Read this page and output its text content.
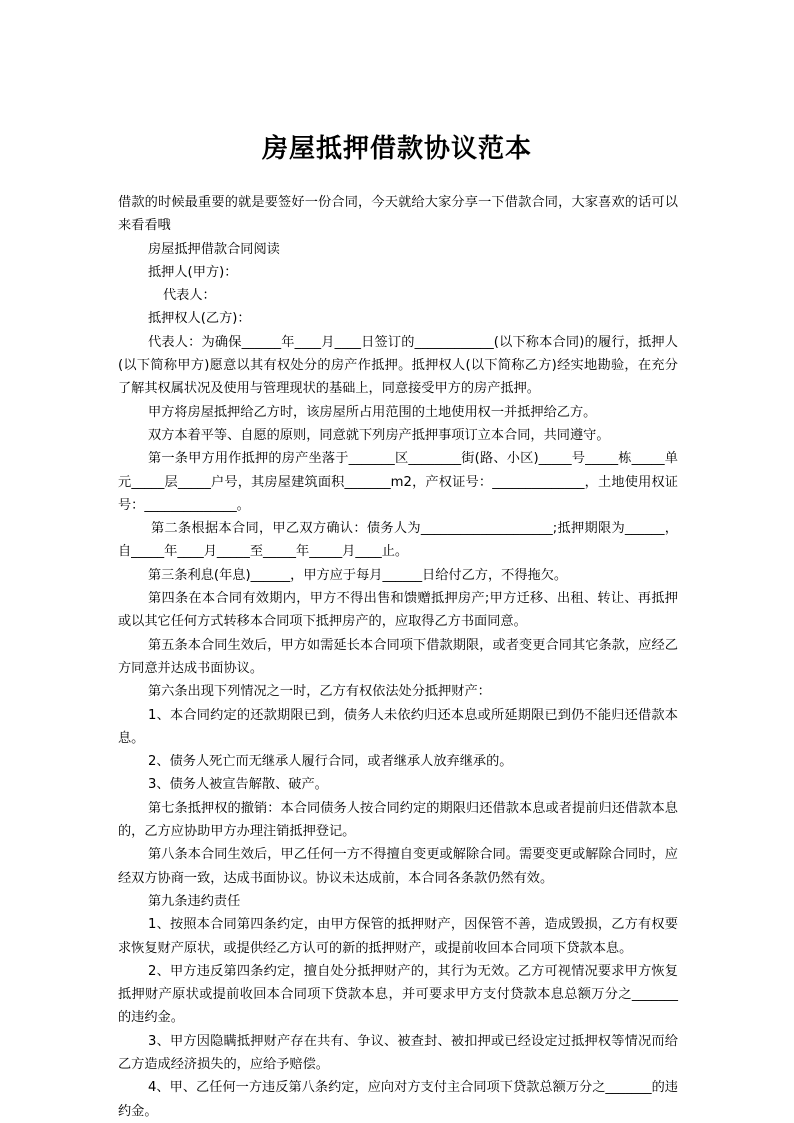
房屋抵押借款协议范本

借款的时候最重要的就是要签好一份合同，今天就给大家分享一下借款合同，大家喜欢的话可以来看看哦

房屋抵押借款合同阅读

抵押人(甲方)：

代表人：

抵押权人(乙方)：

代表人：为确保______年____月____日签订的____________(以下称本合同)的履行，抵押人(以下简称甲方)愿意以其有权处分的房产作抵押。抵押权人(以下简称乙方)经实地勘验，在充分了解其权属状况及使用与管理现状的基础上，同意接受甲方的房产抵押。

甲方将房屋抵押给乙方时，该房屋所占用范围的土地使用权一并抵押给乙方。

双方本着平等、自愿的原则，同意就下列房产抵押事项订立本合同，共同遵守。

第一条甲方用作抵押的房产坐落于_______区________街(路、小区)_____号_____栋_____单元_____层_____户号，其房屋建筑面积_______m2，产权证号：______________，土地使用权证号：______________。

第二条根据本合同，甲乙双方确认：债务人为____________________;抵押期限为______，自_____年____月_____至_____年_____月____止。

第三条利息(年息)______，甲方应于每月______日给付乙方，不得拖欠。

第四条在本合同有效期内，甲方不得出售和馈赠抵押房产;甲方迁移、出租、转让、再抵押或以其它任何方式转移本合同项下抵押房产的，应取得乙方书面同意。

第五条本合同生效后，甲方如需延长本合同项下借款期限，或者变更合同其它条款，应经乙方同意并达成书面协议。

第六条出现下列情况之一时，乙方有权依法处分抵押财产：

1、本合同约定的还款期限已到，债务人未依约归还本息或所延期限已到仍不能归还借款本息。

2、债务人死亡而无继承人履行合同，或者继承人放弃继承的。

3、债务人被宣告解散、破产。

第七条抵押权的撤销：本合同债务人按合同约定的期限归还借款本息或者提前归还借款本息的，乙方应协助甲方办理注销抵押登记。

第八条本合同生效后，甲乙任何一方不得擅自变更或解除合同。需要变更或解除合同时，应经双方协商一致，达成书面协议。协议未达成前，本合同各条款仍然有效。

第九条违约责任

1、按照本合同第四条约定，由甲方保管的抵押财产，因保管不善，造成毁损，乙方有权要求恢复财产原状，或提供经乙方认可的新的抵押财产，或提前收回本合同项下贷款本息。

2、甲方违反第四条约定，擅自处分抵押财产的，其行为无效。乙方可视情况要求甲方恢复抵押财产原状或提前收回本合同项下贷款本息，并可要求甲方支付贷款本息总额万分之_______的违约金。

3、甲方因隐瞒抵押财产存在共有、争议、被查封、被扣押或已经设定过抵押权等情况而给乙方造成经济损失的，应给予赔偿。

4、甲、乙任何一方违反第八条约定，应向对方支付主合同项下贷款总额万分之_______的违约金。
